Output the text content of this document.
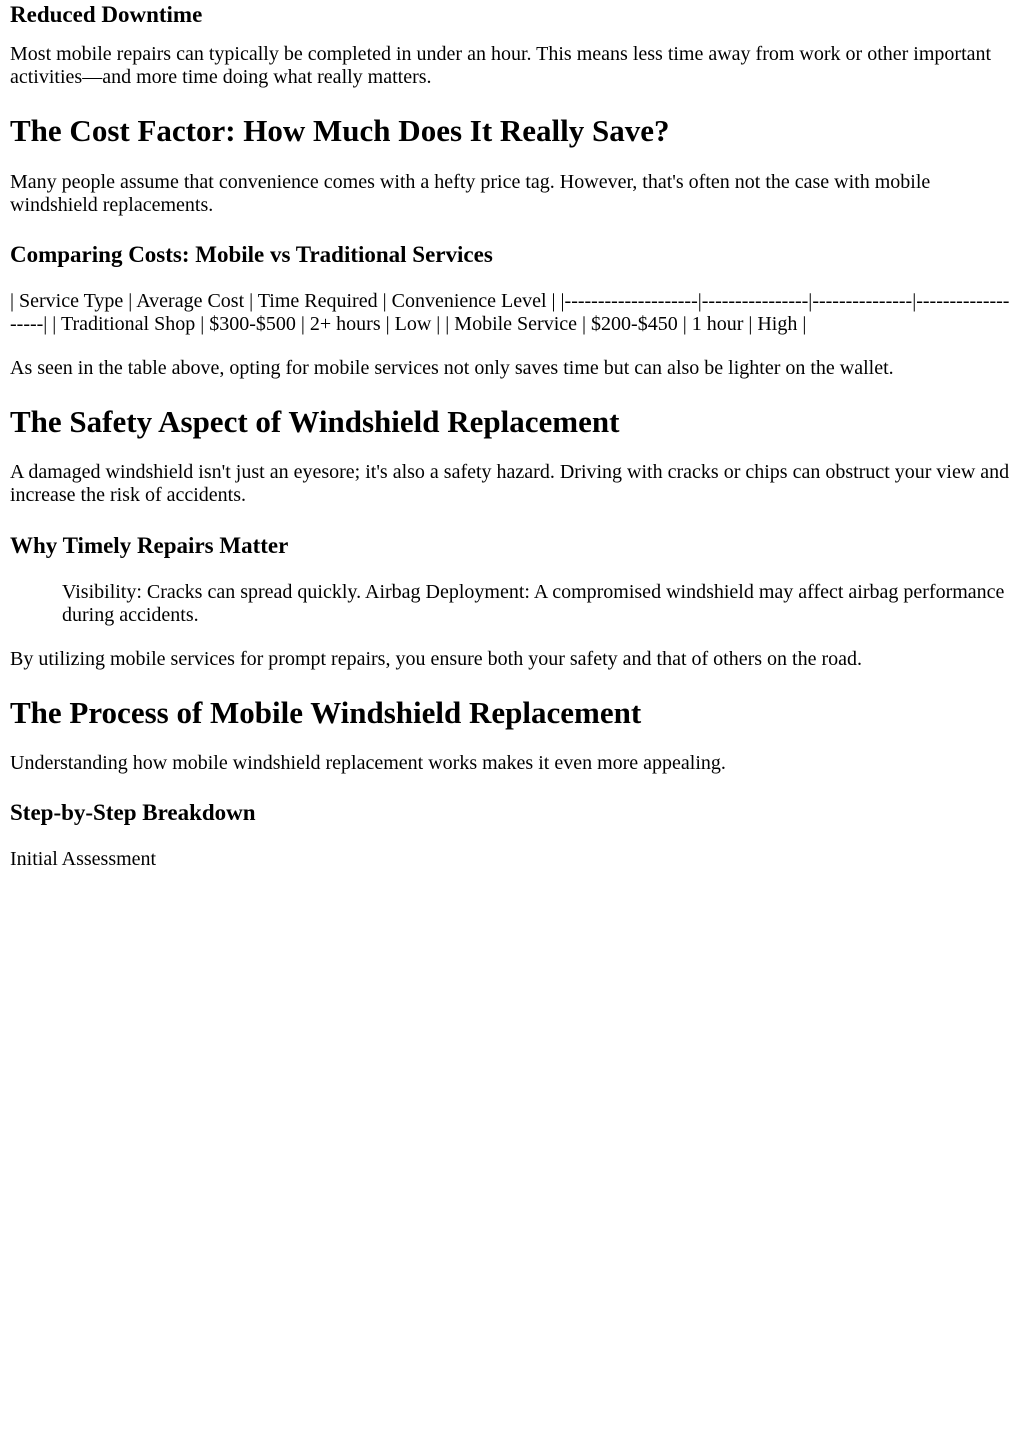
Reduced Downtime

Most mobile repairs can typically be completed in under an hour. This means less time away from work or other important activities—and more time doing what really matters.

The Cost Factor: How Much Does It Really Save?

Many people assume that convenience comes with a hefty price tag. However, that's often not the case with mobile windshield replacements.

Comparing Costs: Mobile vs Traditional Services

| Service Type | Average Cost | Time Required | Convenience Level | |--------------------|----------------|---------------|-------------------| | Traditional Shop | $300-$500 | 2+ hours | Low | | Mobile Service | $200-$450 | 1 hour | High |

As seen in the table above, opting for mobile services not only saves time but can also be lighter on the wallet.

The Safety Aspect of Windshield Replacement

A damaged windshield isn't just an eyesore; it's also a safety hazard. Driving with cracks or chips can obstruct your view and increase the risk of accidents.

Why Timely Repairs Matter
Visibility: Cracks can spread quickly. Airbag Deployment: A compromised windshield may affect airbag performance during accidents.

By utilizing mobile services for prompt repairs, you ensure both your safety and that of others on the road.

The Process of Mobile Windshield Replacement

Understanding how mobile windshield replacement works makes it even more appealing.

Step-by-Step Breakdown

Initial Assessment
